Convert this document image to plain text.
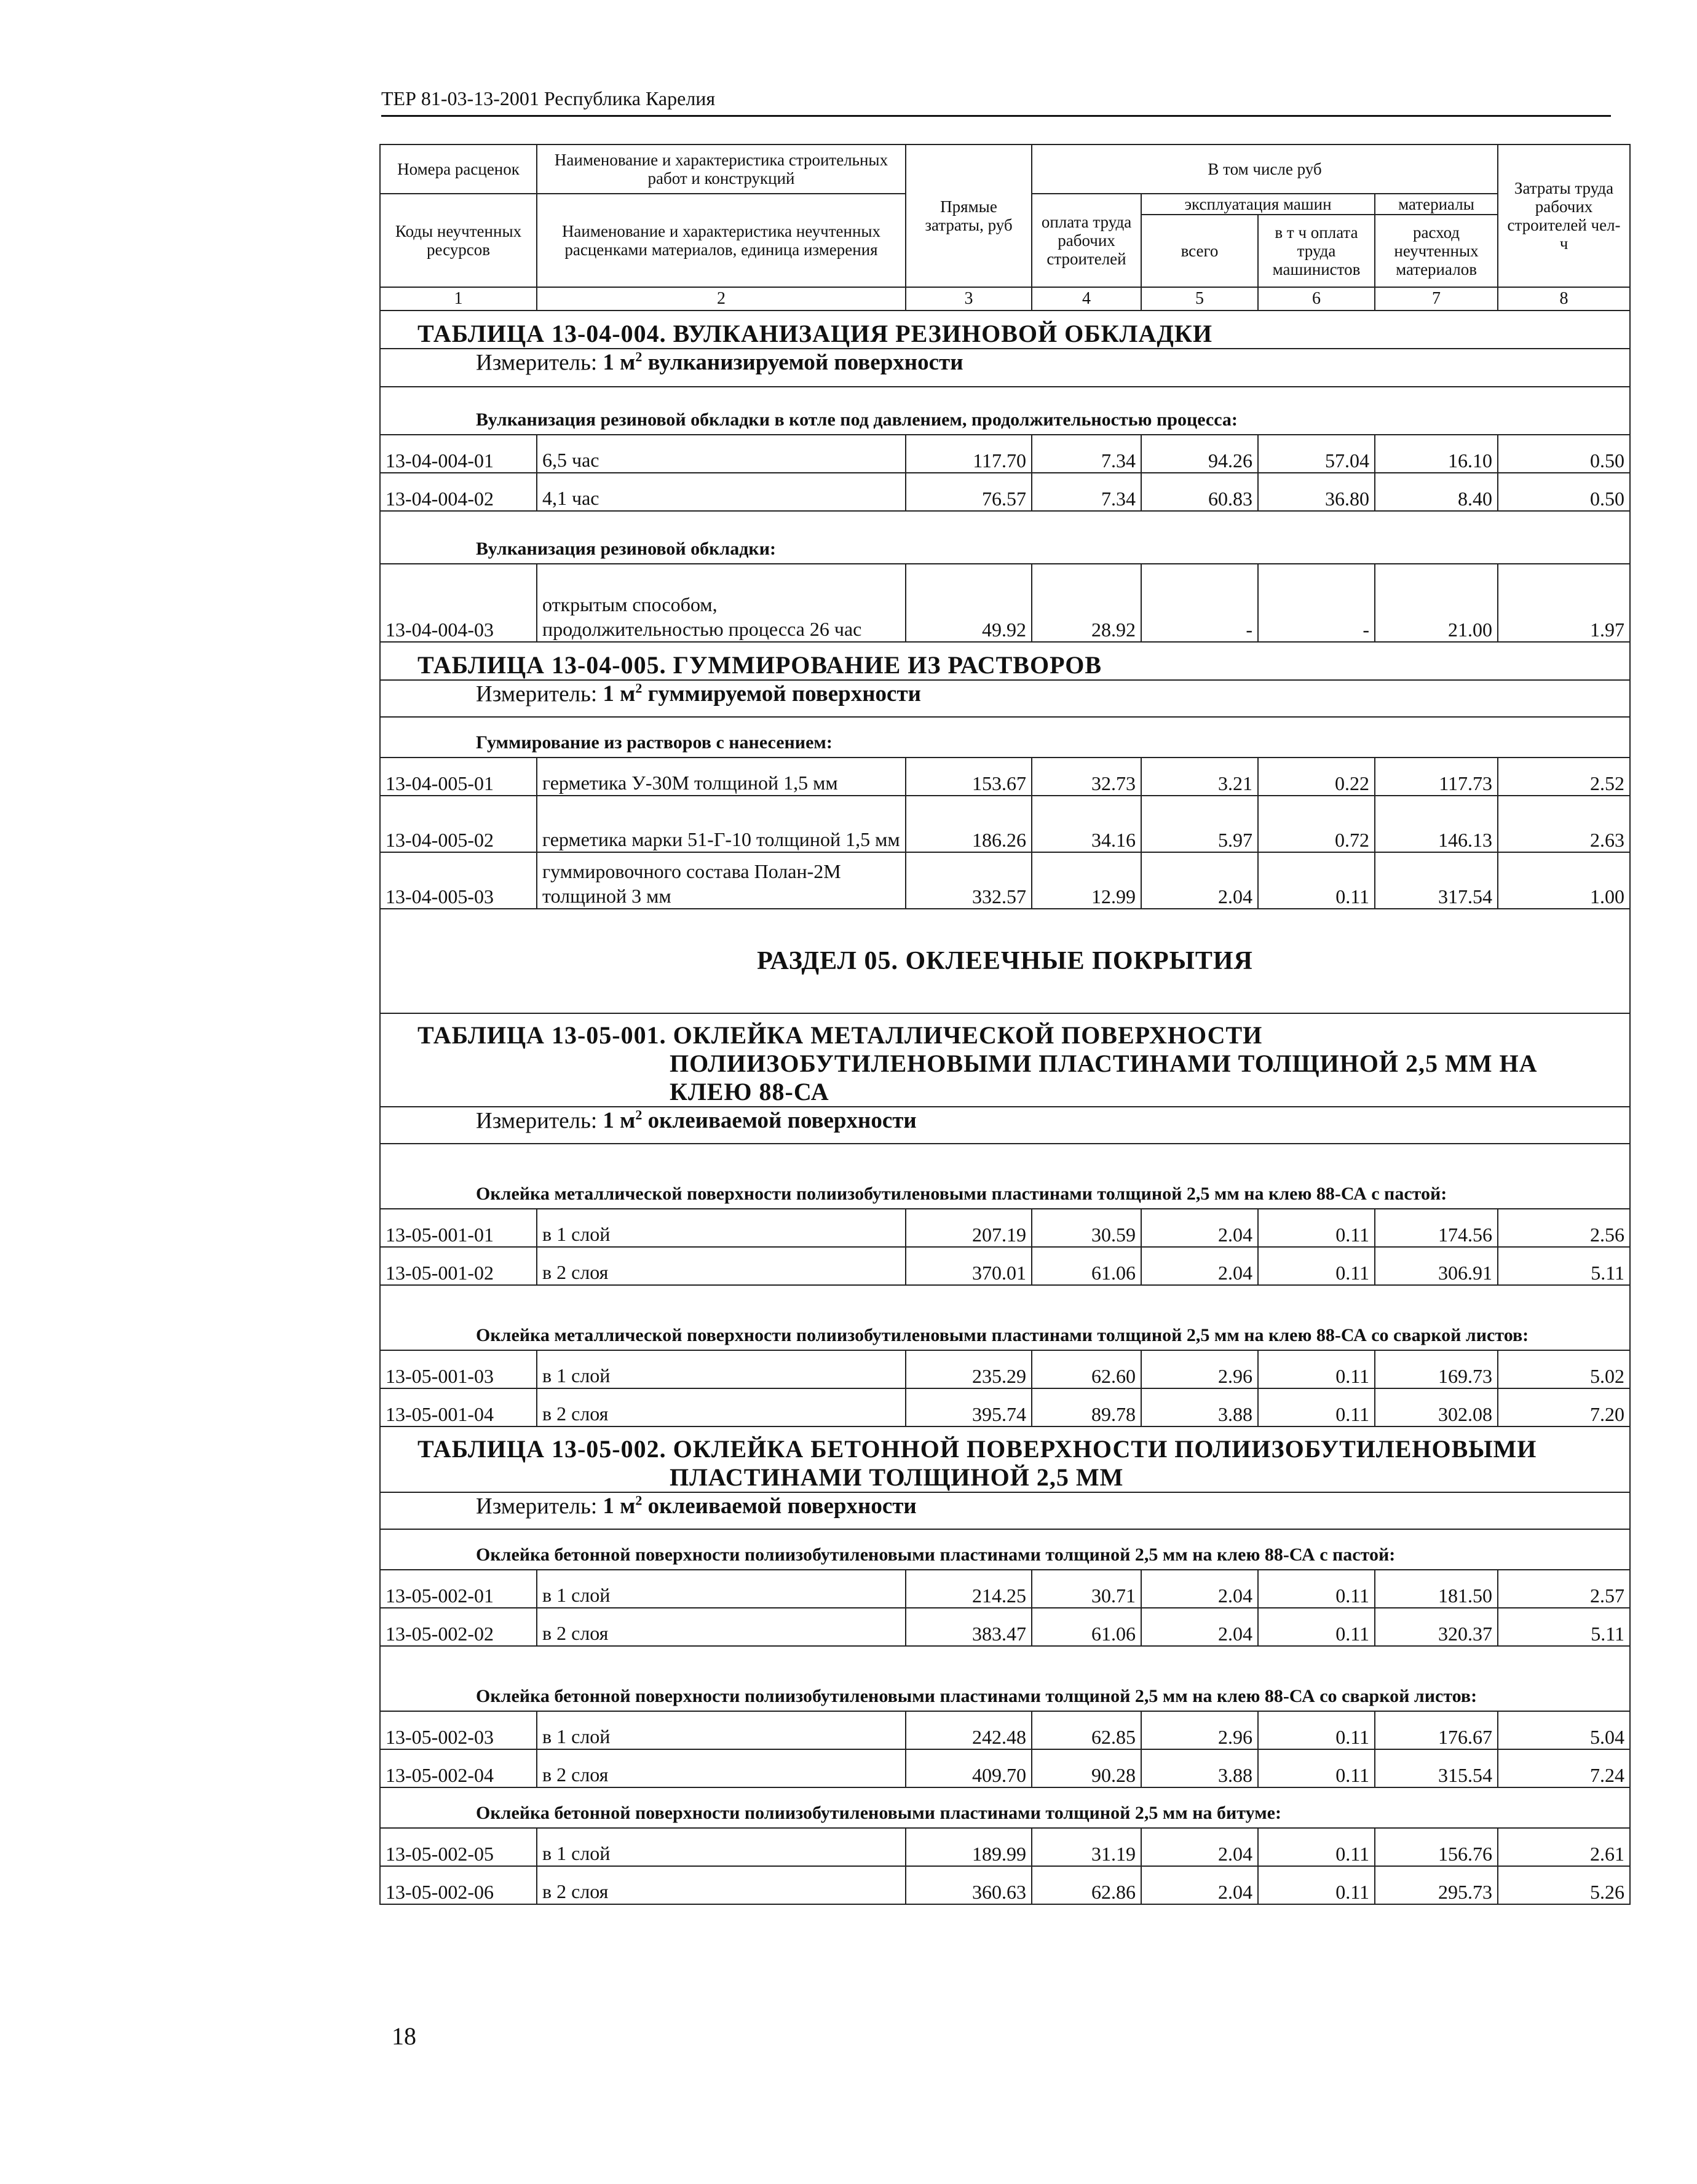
ТЕР 81-03-13-2001 Республика Карелия
Номера расценок	Наименование и характеристика строительных работ и конструкций	Прямые затраты, руб	В том числе руб				Затраты труда рабочих строителей чел-ч
Коды неучтенных ресурсов	Наименование и характеристика неучтенных расценками материалов, единица измерения		оплата труда рабочих строителей	эксплуатация машин		материалы	
				всего	в т ч оплата труда машинистов	расход неучтенных материалов	
1	2	3	4	5	6	7	8
ТАБЛИЦА 13-04-004. ВУЛКАНИЗАЦИЯ РЕЗИНОВОЙ ОБКЛАДКИ							
Измеритель: 1 $м^2$ вулканизируемой поверхности							
Вулканизация резиновой обкладки в котле под давлением, продолжительностью процесса:							
13-04-004-01	6,5 час	117.70	7.34	94.26	57.04	16.10	0.50
13-04-004-02	4,1 час	76.57	7.34	60.83	36.80	8.40	0.50
Вулканизация резиновой обкладки:							
13-04-004-03	открытым способом, продолжительностью процесса 26 час	49.92	28.92	-	-	21.00	1.97
ТАБЛИЦА 13-04-005. ГУММИРОВАНИЕ ИЗ РАСТВОРОВ							
Измеритель: 1 $м^2$ гуммируемой поверхности							
Гуммирование из растворов с нанесением:							
13-04-005-01	герметика У-30М толщиной 1,5 мм	153.67	32.73	3.21	0.22	117.73	2.52
13-04-005-02	герметика марки 51-Г-10 толщиной 1,5 мм	186.26	34.16	5.97	0.72	146.13	2.63
13-04-005-03	гуммировочного состава Полан-2М толщиной 3 мм	332.57	12.99	2.04	0.11	317.54	1.00
РАЗДЕЛ 05. ОКЛЕЕЧНЫЕ ПОКРЫТИЯ							
ТАБЛИЦА 13-05-001. ОКЛЕЙКА МЕТАЛЛИЧЕСКОЙ ПОВЕРХНОСТИ
ПОЛИИЗОБУТИЛЕНОВЫМИ ПЛАСТИНАМИ ТОЛЩИНОЙ 2,5 ММ НА
КЛЕЮ 88-СА							

Измеритель: 1 $м^2$ оклеиваемой поверхности							
Оклейка металлической поверхности полиизобутиленовыми пластинами толщиной 2,5 мм на клею 88-СА с пастой:							
13-05-001-01	в 1 слой	207.19	30.59	2.04	0.11	174.56	2.56
13-05-001-02	в 2 слоя	370.01	61.06	2.04	0.11	306.91	5.11
Оклейка металлической поверхности полиизобутиленовыми пластинами толщиной 2,5 мм на клею 88-СА со сваркой листов:							
13-05-001-03	в 1 слой	235.29	62.60	2.96	0.11	169.73	5.02
13-05-001-04	в 2 слоя	395.74	89.78	3.88	0.11	302.08	7.20
ТАБЛИЦА 13-05-002. ОКЛЕЙКА БЕТОННОЙ ПОВЕРХНОСТИ ПОЛИИЗОБУТИЛЕНОВЫМИ
ПЛАСТИНАМИ ТОЛЩИНОЙ 2,5 ММ							

Измеритель: 1 $м^2$ оклеиваемой поверхности							
Оклейка бетонной поверхности полиизобутиленовыми пластинами толщиной 2,5 мм на клею 88-СА с пастой:							
13-05-002-01	в 1 слой	214.25	30.71	2.04	0.11	181.50	2.57
13-05-002-02	в 2 слоя	383.47	61.06	2.04	0.11	320.37	5.11
Оклейка бетонной поверхности полиизобутиленовыми пластинами толщиной 2,5 мм на клею 88-СА со сваркой листов:							
13-05-002-03	в 1 слой	242.48	62.85	2.96	0.11	176.67	5.04
13-05-002-04	в 2 слоя	409.70	90.28	3.88	0.11	315.54	7.24
Оклейка бетонной поверхности полиизобутиленовыми пластинами толщиной 2,5 мм на битуме:							
13-05-002-05	в 1 слой	189.99	31.19	2.04	0.11	156.76	2.61
13-05-002-06	в 2 слоя	360.63	62.86	2.04	0.11	295.73	5.26
18
